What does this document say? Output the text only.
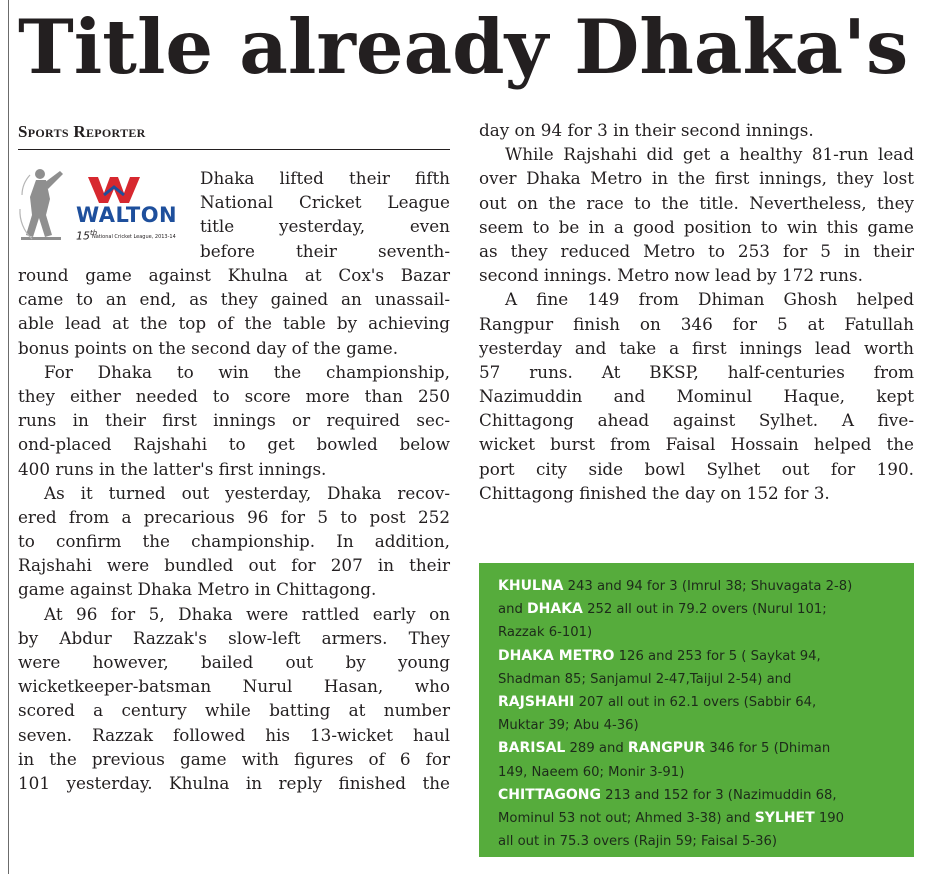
Title already Dhaka's
Sports Reporter
WALTON
15th
National Cricket League, 2013-14
Dhaka lifted their fifth
National Cricket League
title yesterday, even
before their seventh-
round game against Khulna at Cox's Bazar
came to an end, as they gained an unassail-
able lead at the top of the table by achieving
bonus points on the second day of the game.
For Dhaka to win the championship,
they either needed to score more than 250
runs in their first innings or required sec-
ond-placed Rajshahi to get bowled below
400 runs in the latter's first innings.
As it turned out yesterday, Dhaka recov-
ered from a precarious 96 for 5 to post 252
to confirm the championship. In addition,
Rajshahi were bundled out for 207 in their
game against Dhaka Metro in Chittagong.
At 96 for 5, Dhaka were rattled early on
by Abdur Razzak's slow-left armers. They
were however, bailed out by young
wicketkeeper-batsman Nurul Hasan, who
scored a century while batting at number
seven. Razzak followed his 13-wicket haul
in the previous game with figures of 6 for
101 yesterday. Khulna in reply finished the
day on 94 for 3 in their second innings.
While Rajshahi did get a healthy 81-run lead
over Dhaka Metro in the first innings, they lost
out on the race to the title. Nevertheless, they
seem to be in a good position to win this game
as they reduced Metro to 253 for 5 in their
second innings. Metro now lead by 172 runs.
A fine 149 from Dhiman Ghosh helped
Rangpur finish on 346 for 5 at Fatullah
yesterday and take a first innings lead worth
57 runs. At BKSP, half-centuries from
Nazimuddin and Mominul Haque, kept
Chittagong ahead against Sylhet. A five-
wicket burst from Faisal Hossain helped the
port city side bowl Sylhet out for 190.
Chittagong finished the day on 152 for 3.
KHULNA 243 and 94 for 3 (Imrul 38; Shuvagata 2-8)
and DHAKA 252 all out in 79.2 overs (Nurul 101;
Razzak 6-101)
DHAKA METRO 126 and 253 for 5 ( Saykat 94,
Shadman 85; Sanjamul 2-47,Taijul 2-54) and
RAJSHAHI 207 all out in 62.1 overs (Sabbir 64,
Muktar 39; Abu 4-36)
BARISAL 289 and RANGPUR 346 for 5 (Dhiman
149, Naeem 60; Monir 3-91)
CHITTAGONG 213 and 152 for 3 (Nazimuddin 68,
Mominul 53 not out; Ahmed 3-38) and SYLHET 190
all out in 75.3 overs (Rajin 59; Faisal 5-36)
